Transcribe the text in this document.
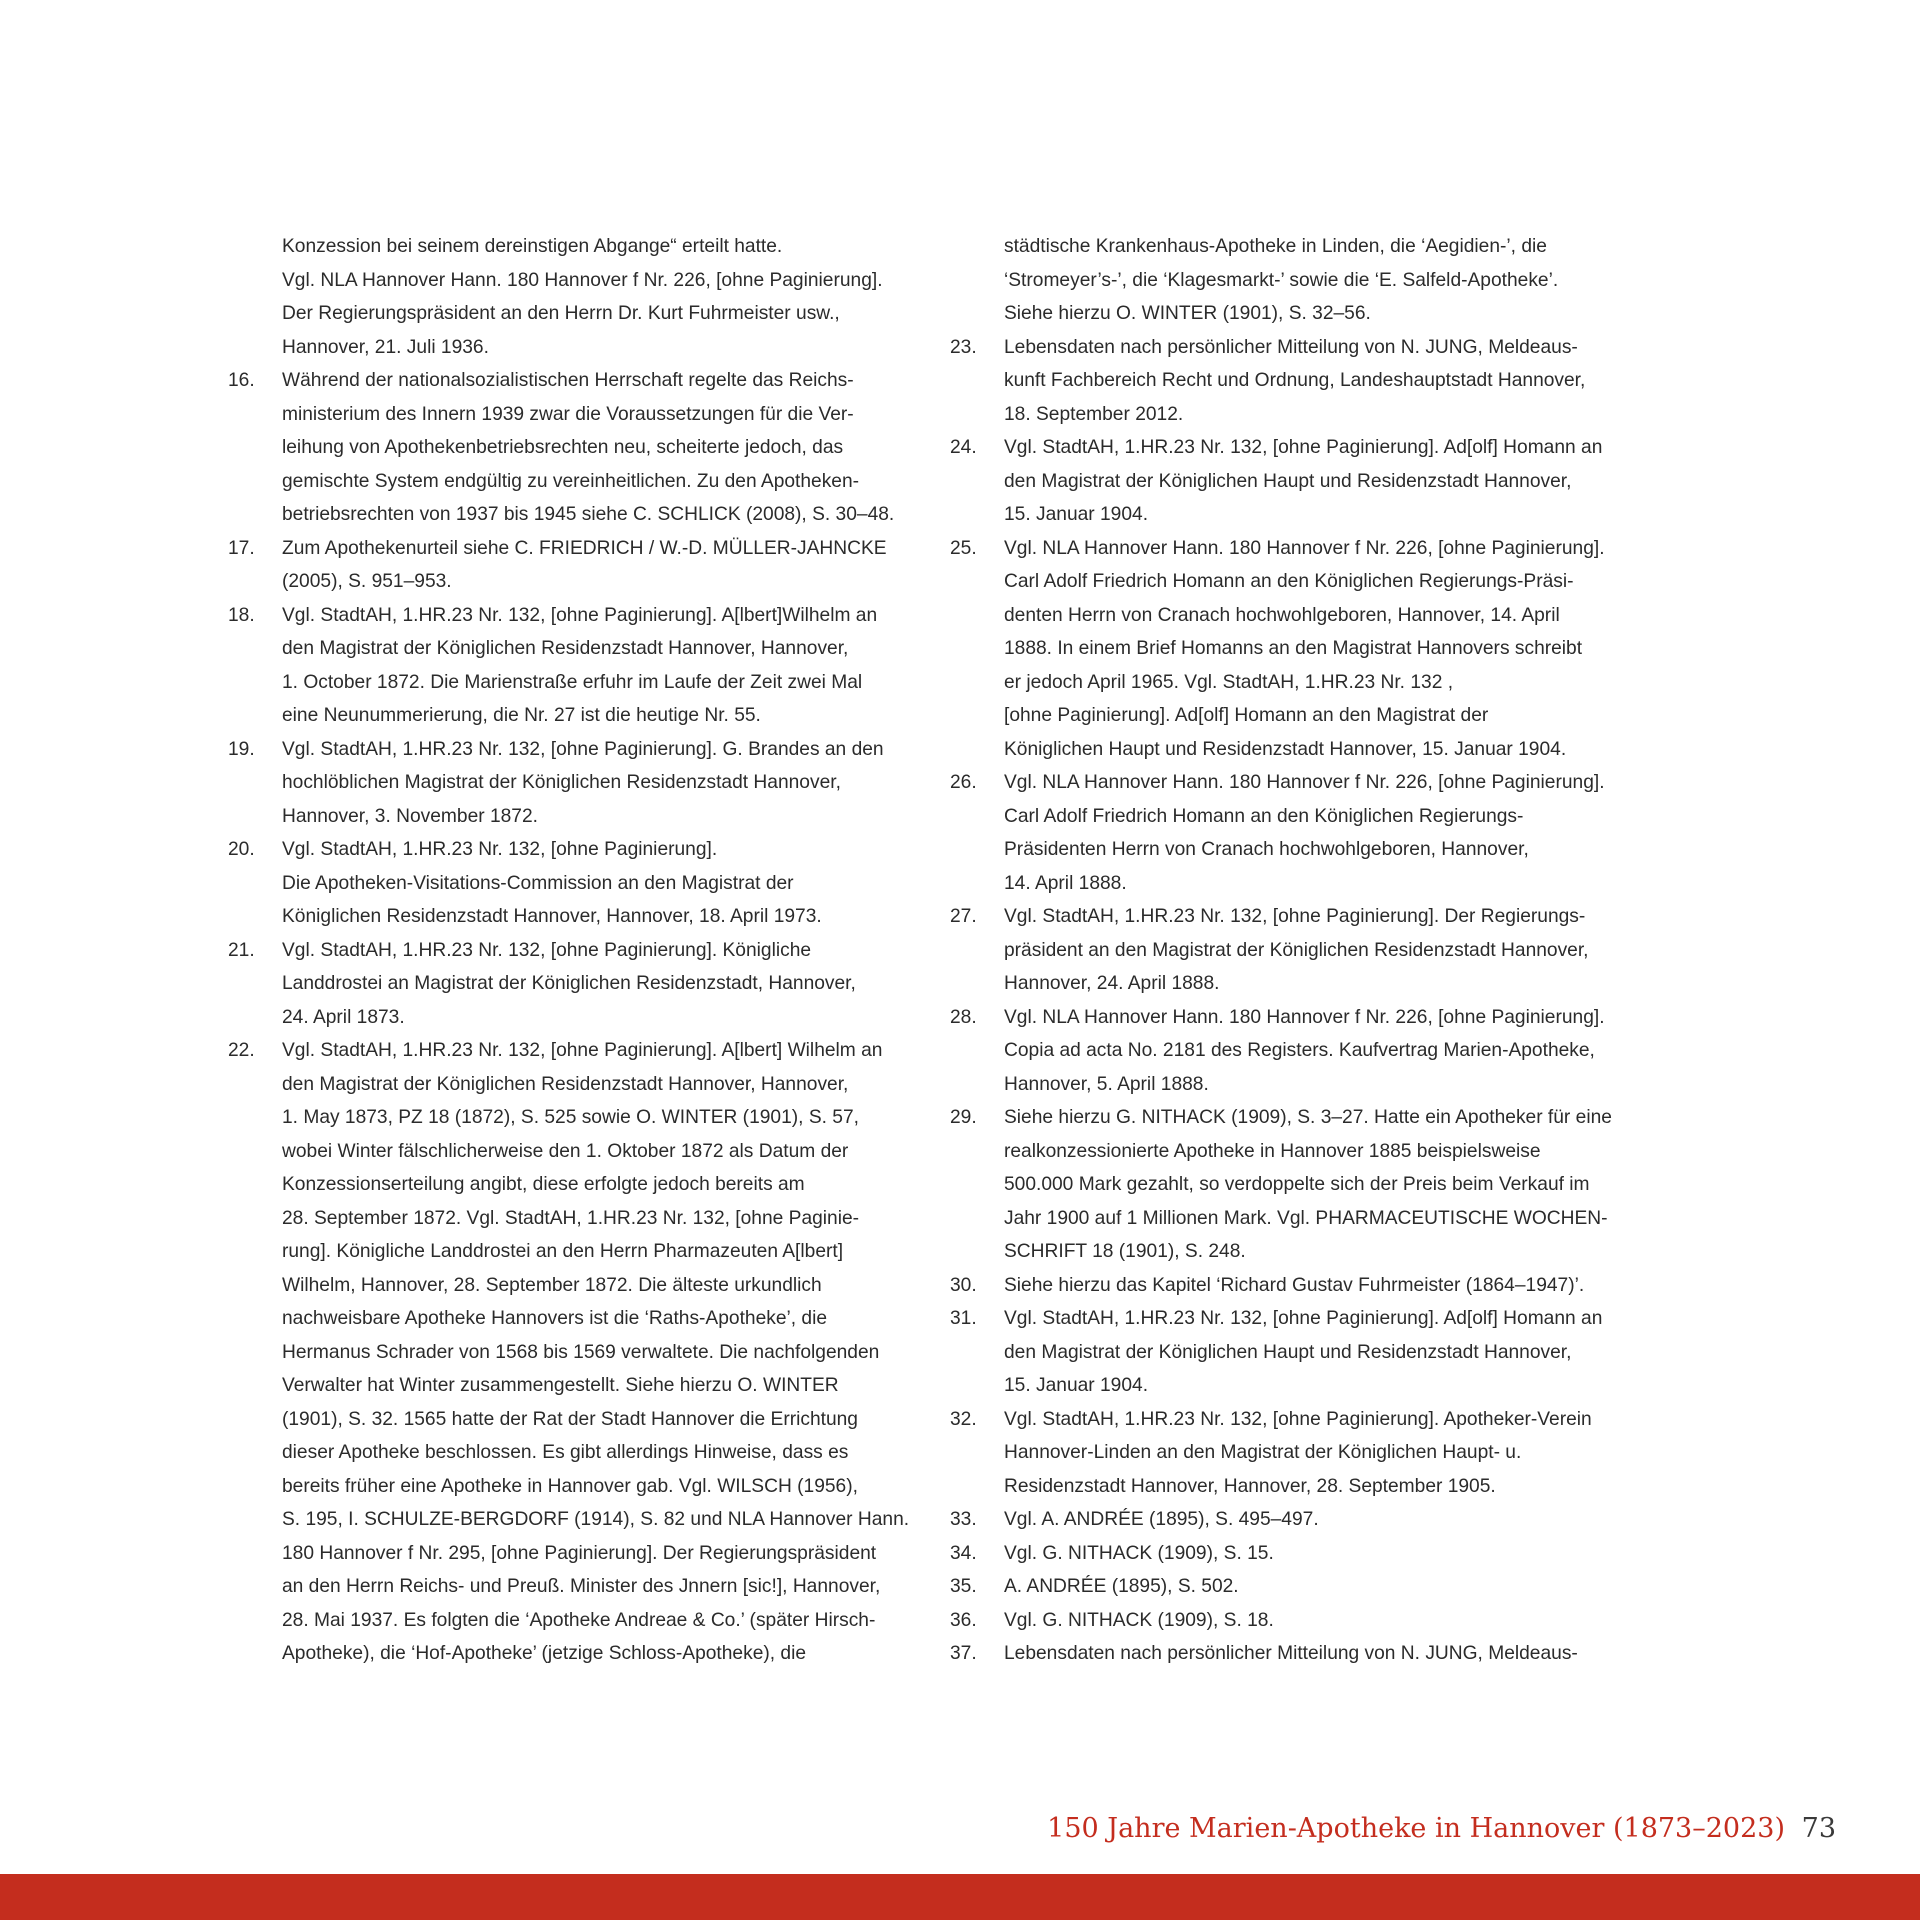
Konzession bei seinem dereinstigen Abgange“ erteilt hatte.
Vgl. NLA Hannover Hann. 180 Hannover f Nr. 226, [ohne Paginierung].
Der Regierungspräsident an den Herrn Dr. Kurt Fuhrmeister usw.,
Hannover, 21. Juli 1936.
16. Während der nationalsozialistischen Herrschaft regelte das Reichs-
ministerium des Innern 1939 zwar die Voraussetzungen für die Ver-
leihung von Apothekenbetriebsrechten neu, scheiterte jedoch, das
gemischte System endgültig zu vereinheitlichen. Zu den Apotheken-
betriebsrechten von 1937 bis 1945 siehe C. SCHLICK (2008), S. 30–48.
17. Zum Apothekenurteil siehe C. FRIEDRICH / W.-D. MÜLLER-JAHNCKE
(2005), S. 951–953.
18. Vgl. StadtAH, 1.HR.23 Nr. 132, [ohne Paginierung]. A[lbert]Wilhelm an
den Magistrat der Königlichen Residenzstadt Hannover, Hannover,
1. October 1872. Die Marienstraße erfuhr im Laufe der Zeit zwei Mal
eine Neunummerierung, die Nr. 27 ist die heutige Nr. 55.
19. Vgl. StadtAH, 1.HR.23 Nr. 132, [ohne Paginierung]. G. Brandes an den
hochlöblichen Magistrat der Königlichen Residenzstadt Hannover,
Hannover, 3. November 1872.
20. Vgl. StadtAH, 1.HR.23 Nr. 132, [ohne Paginierung].
Die Apotheken-Visitations-Commission an den Magistrat der
Königlichen Residenzstadt Hannover, Hannover, 18. April 1973.
21. Vgl. StadtAH, 1.HR.23 Nr. 132, [ohne Paginierung]. Königliche
Landdrostei an Magistrat der Königlichen Residenzstadt, Hannover,
24. April 1873.
22. Vgl. StadtAH, 1.HR.23 Nr. 132, [ohne Paginierung]. A[lbert] Wilhelm an
den Magistrat der Königlichen Residenzstadt Hannover, Hannover,
1. May 1873, PZ 18 (1872), S. 525 sowie O. WINTER (1901), S. 57,
wobei Winter fälschlicherweise den 1. Oktober 1872 als Datum der
Konzessionserteilung angibt, diese erfolgte jedoch bereits am
28. September 1872. Vgl. StadtAH, 1.HR.23 Nr. 132, [ohne Paginie-
rung]. Königliche Landdrostei an den Herrn Pharmazeuten A[lbert]
Wilhelm, Hannover, 28. September 1872. Die älteste urkundlich
nachweisbare Apotheke Hannovers ist die ‘Raths-Apotheke’, die
Hermanus Schrader von 1568 bis 1569 verwaltete. Die nachfolgenden
Verwalter hat Winter zusammengestellt. Siehe hierzu O. WINTER
(1901), S. 32. 1565 hatte der Rat der Stadt Hannover die Errichtung
dieser Apotheke beschlossen. Es gibt allerdings Hinweise, dass es
bereits früher eine Apotheke in Hannover gab. Vgl. WILSCH (1956),
S. 195, I. SCHULZE-BERGDORF (1914), S. 82 und NLA Hannover Hann.
180 Hannover f Nr. 295, [ohne Paginierung]. Der Regierungspräsident
an den Herrn Reichs- und Preuß. Minister des Jnnern [sic!], Hannover,
28. Mai 1937. Es folgten die ‘Apotheke Andreae & Co.’ (später Hirsch-
Apotheke), die ‘Hof-Apotheke’ (jetzige Schloss-Apotheke), die
städtische Krankenhaus-Apotheke in Linden, die ‘Aegidien-’, die
‘Stromeyer’s-’, die ‘Klagesmarkt-’ sowie die ‘E. Salfeld-Apotheke’.
Siehe hierzu O. WINTER (1901), S. 32–56.
23. Lebensdaten nach persönlicher Mitteilung von N. JUNG, Meldeaus-
kunft Fachbereich Recht und Ordnung, Landeshauptstadt Hannover,
18. September 2012.
24. Vgl. StadtAH, 1.HR.23 Nr. 132, [ohne Paginierung]. Ad[olf] Homann an
den Magistrat der Königlichen Haupt und Residenzstadt Hannover,
15. Januar 1904.
25. Vgl. NLA Hannover Hann. 180 Hannover f Nr. 226, [ohne Paginierung].
Carl Adolf Friedrich Homann an den Königlichen Regierungs-Präsi-
denten Herrn von Cranach hochwohlgeboren, Hannover, 14. April
1888. In einem Brief Homanns an den Magistrat Hannovers schreibt
er jedoch April 1965. Vgl. StadtAH, 1.HR.23 Nr. 132 ,
[ohne Paginierung]. Ad[olf] Homann an den Magistrat der
Königlichen Haupt und Residenzstadt Hannover, 15. Januar 1904.
26. Vgl. NLA Hannover Hann. 180 Hannover f Nr. 226, [ohne Paginierung].
Carl Adolf Friedrich Homann an den Königlichen Regierungs-
Präsidenten Herrn von Cranach hochwohlgeboren, Hannover,
14. April 1888.
27. Vgl. StadtAH, 1.HR.23 Nr. 132, [ohne Paginierung]. Der Regierungs-
präsident an den Magistrat der Königlichen Residenzstadt Hannover,
Hannover, 24. April 1888.
28. Vgl. NLA Hannover Hann. 180 Hannover f Nr. 226, [ohne Paginierung].
Copia ad acta No. 2181 des Registers. Kaufvertrag Marien-Apotheke,
Hannover, 5. April 1888.
29. Siehe hierzu G. NITHACK (1909), S. 3–27. Hatte ein Apotheker für eine
realkonzessionierte Apotheke in Hannover 1885 beispielsweise
500.000 Mark gezahlt, so verdoppelte sich der Preis beim Verkauf im
Jahr 1900 auf 1 Millionen Mark. Vgl. PHARMACEUTISCHE WOCHEN-
SCHRIFT 18 (1901), S. 248.
30. Siehe hierzu das Kapitel ‘Richard Gustav Fuhrmeister (1864–1947)’.
31. Vgl. StadtAH, 1.HR.23 Nr. 132, [ohne Paginierung]. Ad[olf] Homann an
den Magistrat der Königlichen Haupt und Residenzstadt Hannover,
15. Januar 1904.
32. Vgl. StadtAH, 1.HR.23 Nr. 132, [ohne Paginierung]. Apotheker-Verein
Hannover-Linden an den Magistrat der Königlichen Haupt- u.
Residenzstadt Hannover, Hannover, 28. September 1905.
33. Vgl. A. ANDRÉE (1895), S. 495–497.
34. Vgl. G. NITHACK (1909), S. 15.
35. A. ANDRÉE (1895), S. 502.
36. Vgl. G. NITHACK (1909), S. 18.
37. Lebensdaten nach persönlicher Mitteilung von N. JUNG, Meldeaus-
150 Jahre Marien-Apotheke in Hannover (1873–2023) 73
